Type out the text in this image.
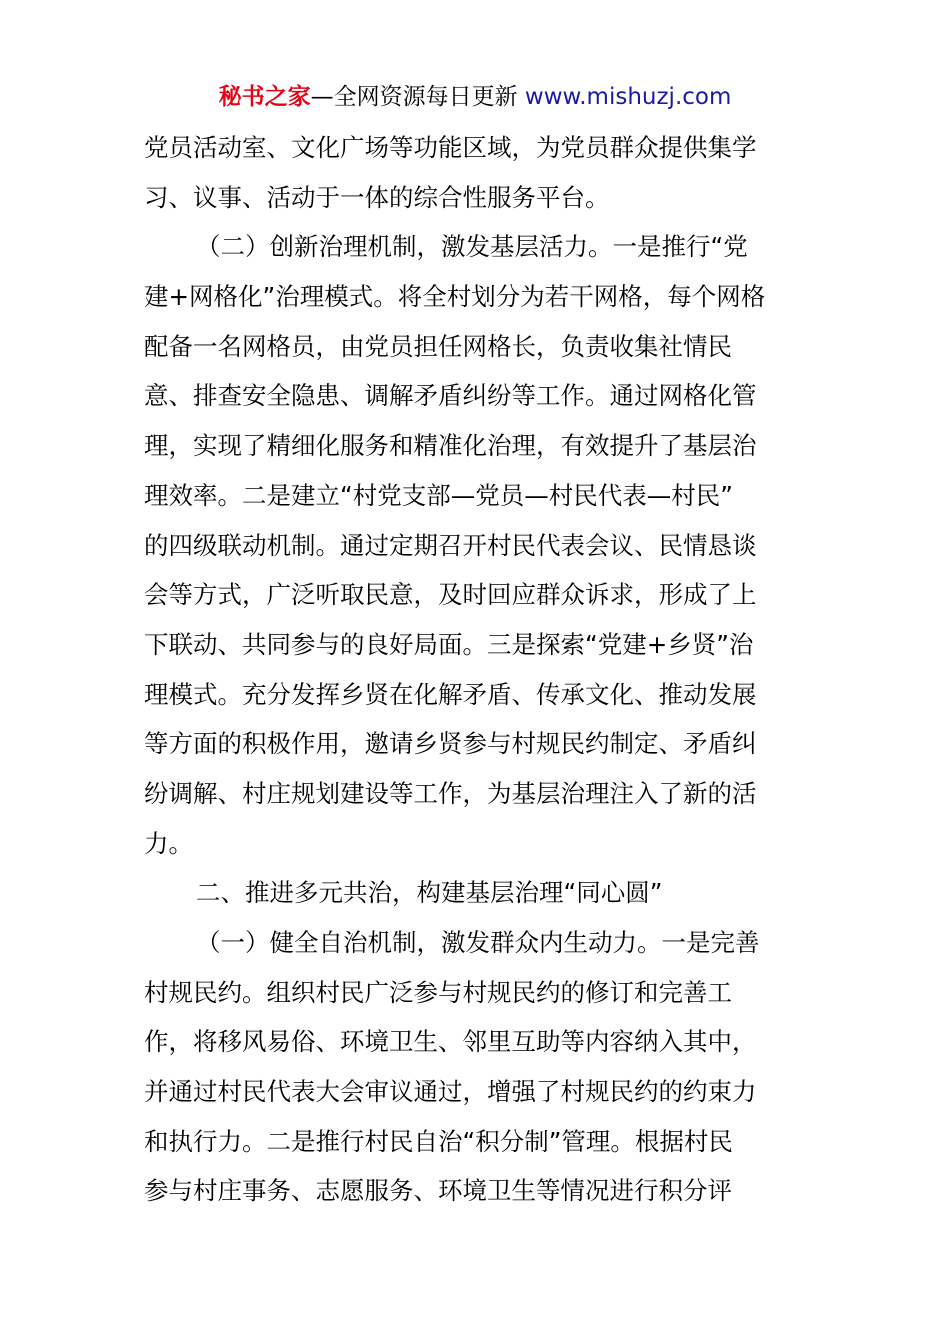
秘书之家—全网资源每日更新 www.mishuzj.com
党员活动室、文化广场等功能区域，为党员群众提供集学
习、议事、活动于一体的综合性服务平台。
（二）创新治理机制，激发基层活力。一是推行“党
建+网格化”治理模式。将全村划分为若干网格，每个网格
配备一名网格员，由党员担任网格长，负责收集社情民
意、排查安全隐患、调解矛盾纠纷等工作。通过网格化管
理，实现了精细化服务和精准化治理，有效提升了基层治
理效率。二是建立“村党支部—党员—村民代表—村民”
的四级联动机制。通过定期召开村民代表会议、民情恳谈
会等方式，广泛听取民意，及时回应群众诉求，形成了上
下联动、共同参与的良好局面。三是探索“党建+乡贤”治
理模式。充分发挥乡贤在化解矛盾、传承文化、推动发展
等方面的积极作用，邀请乡贤参与村规民约制定、矛盾纠
纷调解、村庄规划建设等工作，为基层治理注入了新的活
力。
二、推进多元共治，构建基层治理“同心圆”
（一）健全自治机制，激发群众内生动力。一是完善
村规民约。组织村民广泛参与村规民约的修订和完善工
作，将移风易俗、环境卫生、邻里互助等内容纳入其中，
并通过村民代表大会审议通过，增强了村规民约的约束力
和执行力。二是推行村民自治“积分制”管理。根据村民
参与村庄事务、志愿服务、环境卫生等情况进行积分评
